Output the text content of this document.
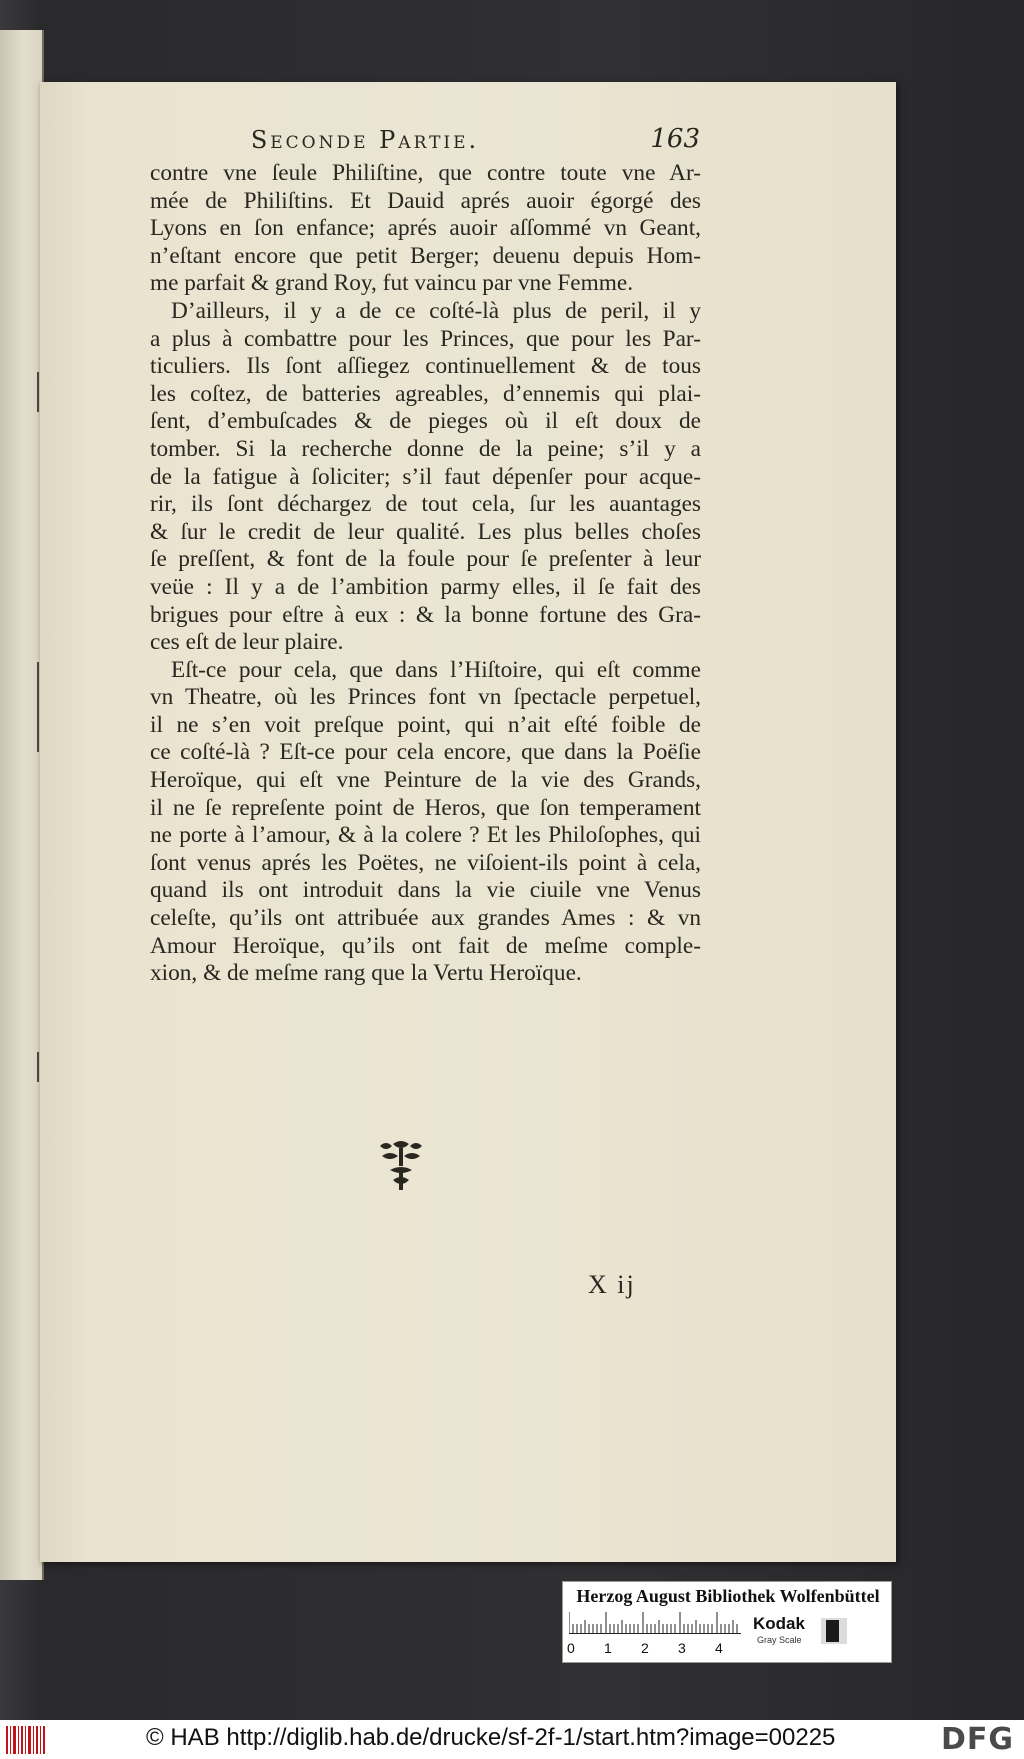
Seconde Partie.	163
contre vne ſeule Philiſtine, que contre toute vne Ar-
mée de Philiſtins. Et Dauid aprés auoir égorgé des
Lyons en ſon enfance; aprés auoir aſſommé vn Geant,
n’eſtant encore que petit Berger; deuenu depuis Hom-
me parfait & grand Roy, fut vaincu par vne Femme.
D’ailleurs, il y a de ce coſté-là plus de peril, il y
a plus à combattre pour les Princes, que pour les Par-
ticuliers. Ils ſont aſſiegez continuellement & de tous
les coſtez, de batteries agreables, d’ennemis qui plai-
ſent, d’embuſcades & de pieges où il eſt doux de
tomber. Si la recherche donne de la peine; s’il y a
de la fatigue à ſoliciter; s’il faut dépenſer pour acque-
rir, ils ſont déchargez de tout cela, ſur les auantages
& ſur le credit de leur qualité. Les plus belles choſes
ſe preſſent, & font de la foule pour ſe preſenter à leur
veüe : Il y a de l’ambition parmy elles, il ſe fait des
brigues pour eſtre à eux : & la bonne fortune des Gra-
ces eſt de leur plaire.
Eſt-ce pour cela, que dans l’Hiſtoire, qui eſt comme
vn Theatre, où les Princes font vn ſpectacle perpetuel,
il ne s’en voit preſque point, qui n’ait eſté foible de
ce coſté-là ? Eſt-ce pour cela encore, que dans la Poëſie
Heroïque, qui eſt vne Peinture de la vie des Grands,
il ne ſe repreſente point de Heros, que ſon temperament
ne porte à l’amour, & à la colere ? Et les Philoſophes, qui
ſont venus aprés les Poëtes, ne viſoient-ils point à cela,
quand ils ont introduit dans la vie ciuile vne Venus
celeſte, qu’ils ont attribuée aux grandes Ames : & vn
Amour Heroïque, qu’ils ont fait de meſme comple-
xion, & de meſme rang que la Vertu Heroïque.
X ij
Herzog August Bibliothek Wolfenbüttel
0 1 2 3 4
Kodak
Gray Scale
© HAB http://diglib.hab.de/drucke/sf-2f-1/start.htm?image=00225	DFG
